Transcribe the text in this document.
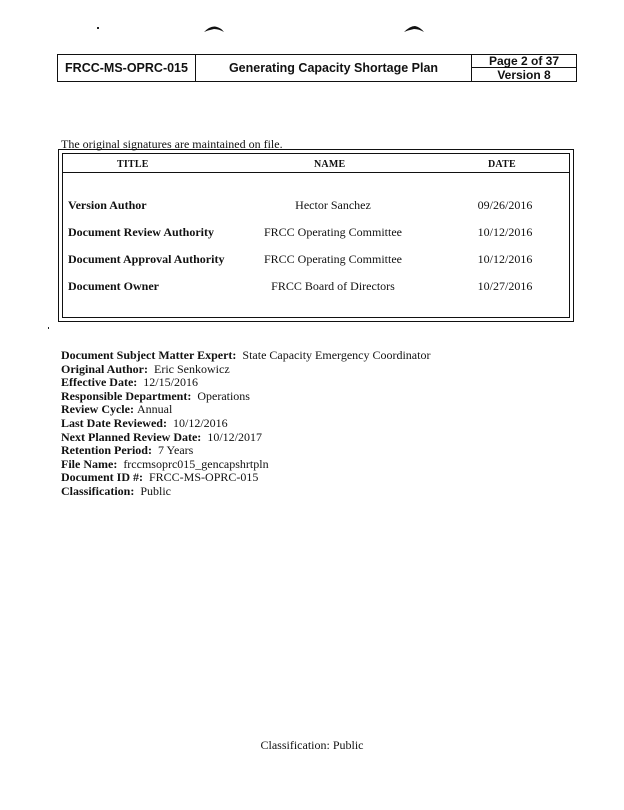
FRCC-MS-OPRC-015	Generating Capacity Shortage Plan	Page 2 of 37
Version 8
The original signatures are maintained on file.
TITLE	NAME	DATE
Version Author	Hector Sanchez	09/26/2016
Document Review Authority	FRCC Operating Committee	10/12/2016
Document Approval Authority	FRCC Operating Committee	10/12/2016
Document Owner	FRCC Board of Directors	10/27/2016
Document Subject Matter Expert: State Capacity Emergency Coordinator
Original Author: Eric Senkowicz
Effective Date: 12/15/2016
Responsible Department: Operations
Review Cycle: Annual
Last Date Reviewed: 10/12/2016
Next Planned Review Date: 10/12/2017
Retention Period: 7 Years
File Name: frccmsoprc015_gencapshrtpln
Document ID #: FRCC-MS-OPRC-015
Classification: Public
Classification: Public
